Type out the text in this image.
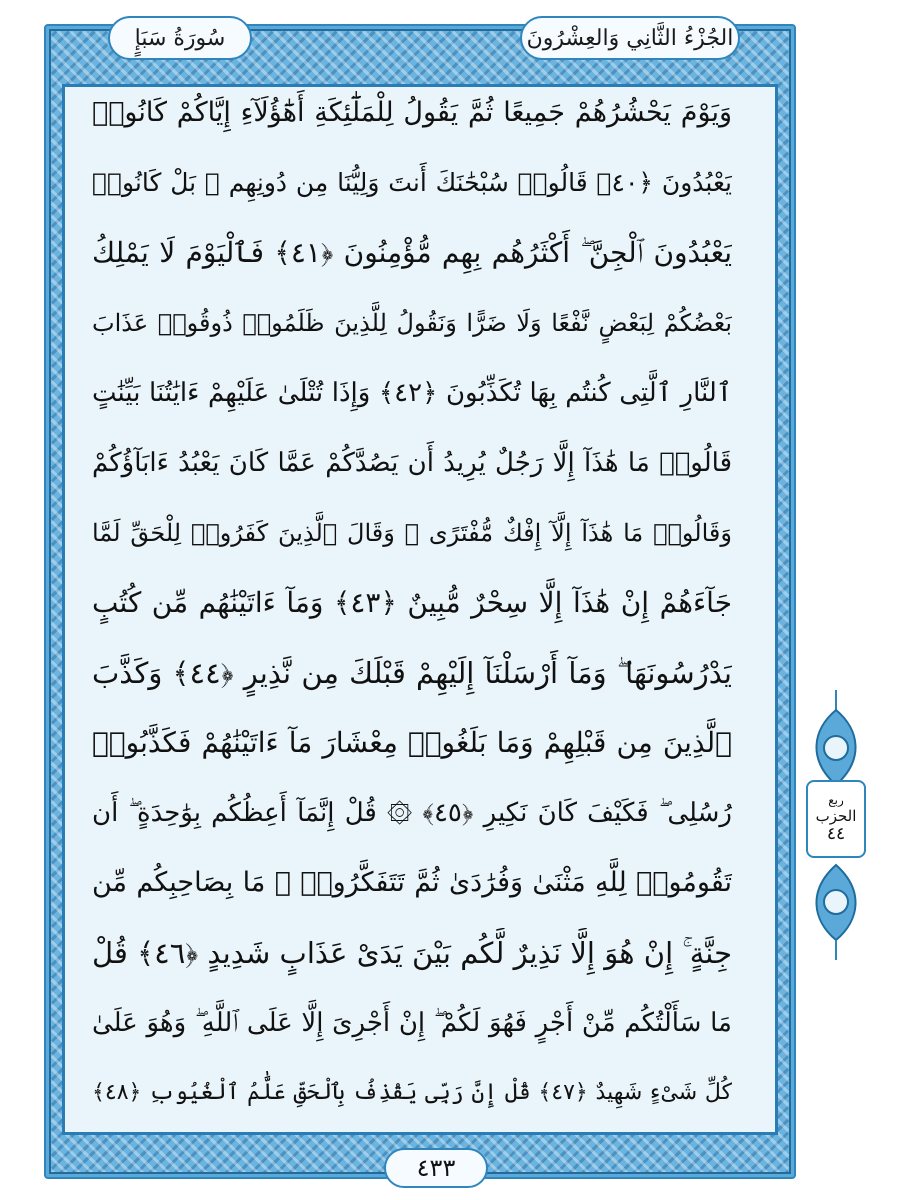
سُورَةُ سَبَإٍ	الجُزْءُ الثَّانِي وَالعِشْرُونَ
وَيَوْمَ يَحْشُرُهُمْ جَمِيعًا ثُمَّ يَقُولُ لِلْمَلَٰٓئِكَةِ أَهَٰٓؤُلَآءِ إِيَّاكُمْ كَانُوا۟
يَعْبُدُونَ ﴿٤٠﴾ قَالُوا۟ سُبْحَٰنَكَ أَنتَ وَلِيُّنَا مِن دُونِهِم ۖ بَلْ كَانُوا۟
يَعْبُدُونَ ٱلْجِنَّ ۖ أَكْثَرُهُم بِهِم مُّؤْمِنُونَ ﴿٤١﴾ فَٱلْيَوْمَ لَا يَمْلِكُ
بَعْضُكُمْ لِبَعْضٍ نَّفْعًا وَلَا ضَرًّا وَنَقُولُ لِلَّذِينَ ظَلَمُوا۟ ذُوقُوا۟ عَذَابَ
ٱلنَّارِ ٱلَّتِى كُنتُم بِهَا تُكَذِّبُونَ ﴿٤٢﴾ وَإِذَا تُتْلَىٰ عَلَيْهِمْ ءَايَٰتُنَا بَيِّنَٰتٍ
قَالُوا۟ مَا هَٰذَآ إِلَّا رَجُلٌ يُرِيدُ أَن يَصُدَّكُمْ عَمَّا كَانَ يَعْبُدُ ءَابَآؤُكُمْ
وَقَالُوا۟ مَا هَٰذَآ إِلَّآ إِفْكٌ مُّفْتَرًى ۚ وَقَالَ ٱلَّذِينَ كَفَرُوا۟ لِلْحَقِّ لَمَّا
جَآءَهُمْ إِنْ هَٰذَآ إِلَّا سِحْرٌ مُّبِينٌ ﴿٤٣﴾ وَمَآ ءَاتَيْنَٰهُم مِّن كُتُبٍ
يَدْرُسُونَهَا ۖ وَمَآ أَرْسَلْنَآ إِلَيْهِمْ قَبْلَكَ مِن نَّذِيرٍ ﴿٤٤﴾ وَكَذَّبَ
ٱلَّذِينَ مِن قَبْلِهِمْ وَمَا بَلَغُوا۟ مِعْشَارَ مَآ ءَاتَيْنَٰهُمْ فَكَذَّبُوا۟
رُسُلِى ۖ فَكَيْفَ كَانَ نَكِيرِ ﴿٤٥﴾ ۞ قُلْ إِنَّمَآ أَعِظُكُم بِوَٰحِدَةٍ ۖ أَن
تَقُومُوا۟ لِلَّهِ مَثْنَىٰ وَفُرَٰدَىٰ ثُمَّ تَتَفَكَّرُوا۟ ۚ مَا بِصَاحِبِكُم مِّن
جِنَّةٍ ۚ إِنْ هُوَ إِلَّا نَذِيرٌ لَّكُم بَيْنَ يَدَىْ عَذَابٍ شَدِيدٍ ﴿٤٦﴾ قُلْ
مَا سَأَلْتُكُم مِّنْ أَجْرٍ فَهُوَ لَكُمْ ۖ إِنْ أَجْرِىَ إِلَّا عَلَى ٱللَّهِ ۖ وَهُوَ عَلَىٰ
كُلِّ شَىْءٍ شَهِيدٌ ﴿٤٧﴾ قُلْ إِنَّ رَبِّى يَقْذِفُ بِٱلْحَقِّ عَلَّٰمُ ٱلْغُيُوبِ ﴿٤٨﴾
٤٣٣
ربع
الحزب
٤٤
